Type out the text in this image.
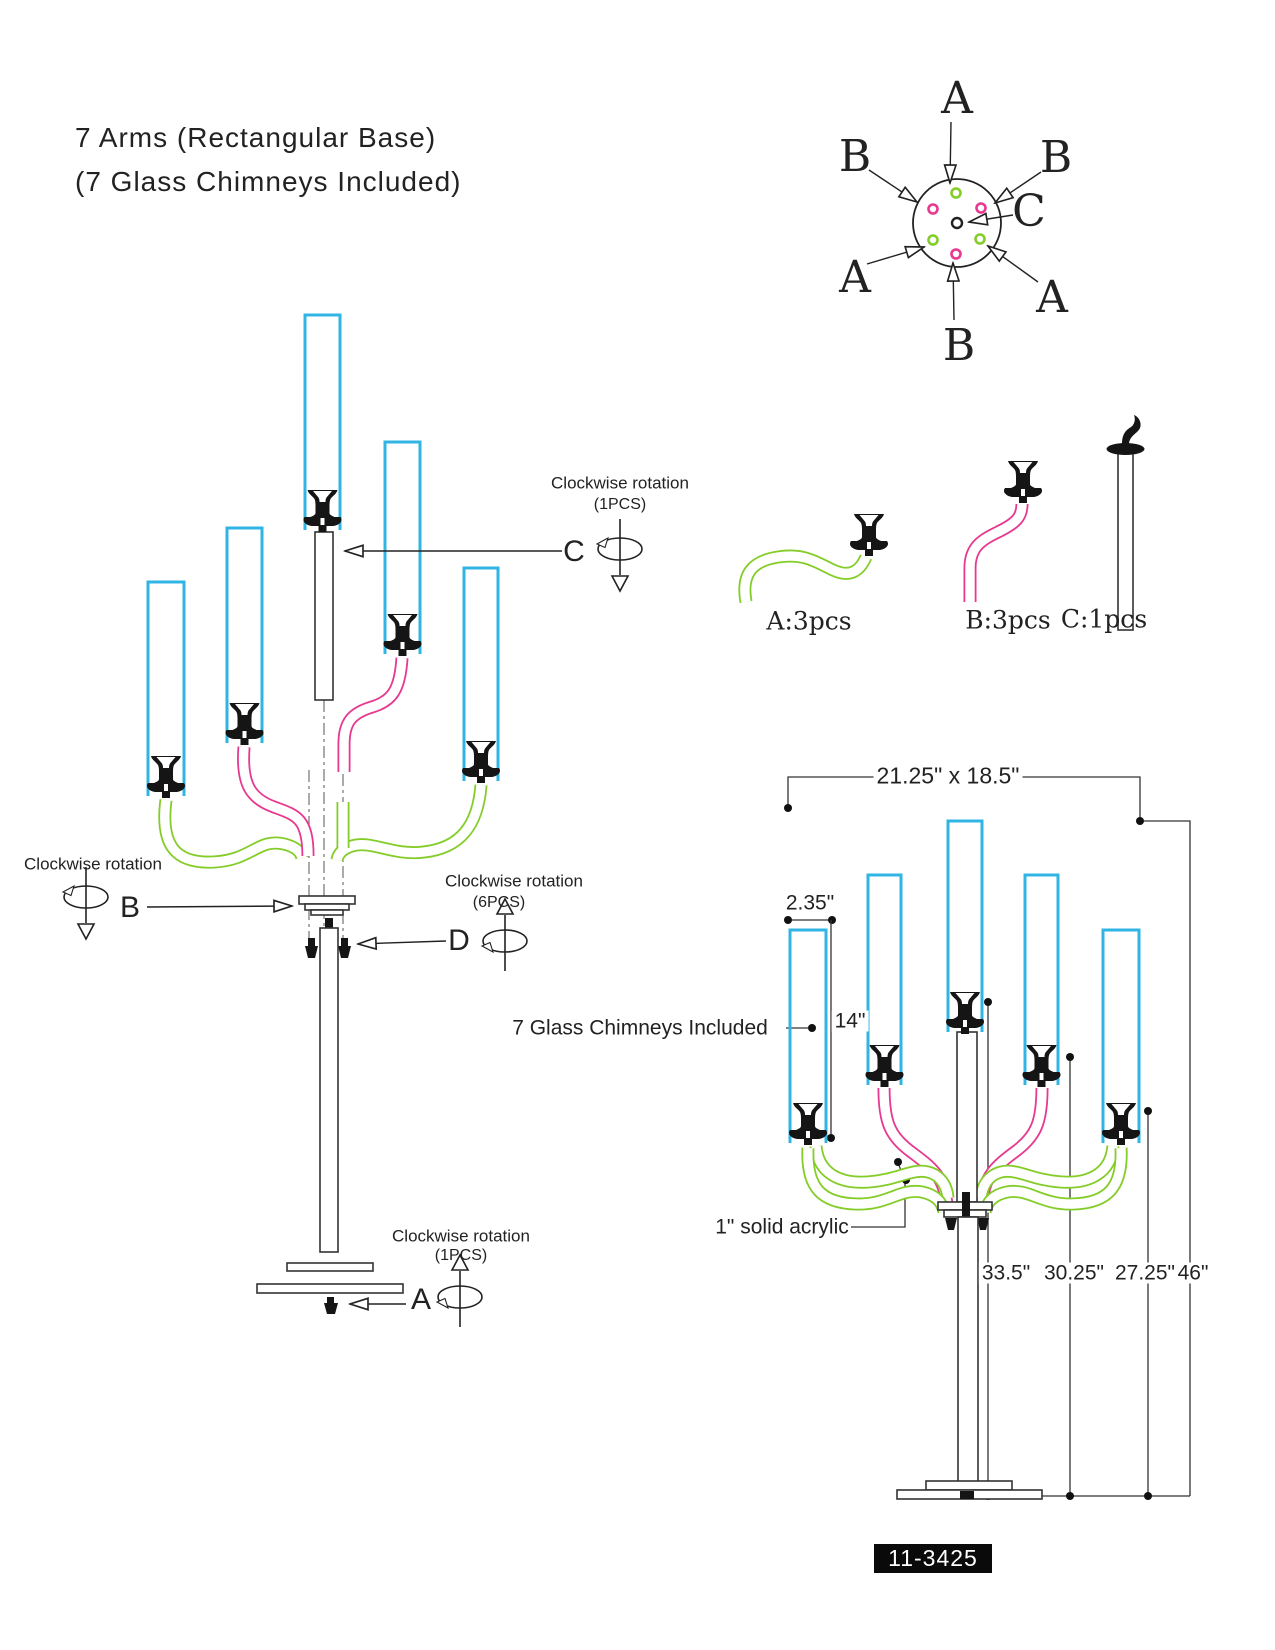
7 Arms (Rectangular Base)
(7 Glass Chimneys Included)
A
B	B
C
A	A
B
Clockwise rotation
(1PCS)
C
Clockwise rotation
B
Clockwise rotation
(6PCS)
D
Clockwise rotation
(1PCS)
A
A:3pcs	B:3pcs C:1pcs
21.25" x 18.5"
2.35"
14"
7 Glass Chimneys Included
1" solid acrylic
33.5" 30.25" 27.25" 46"
11-3425
